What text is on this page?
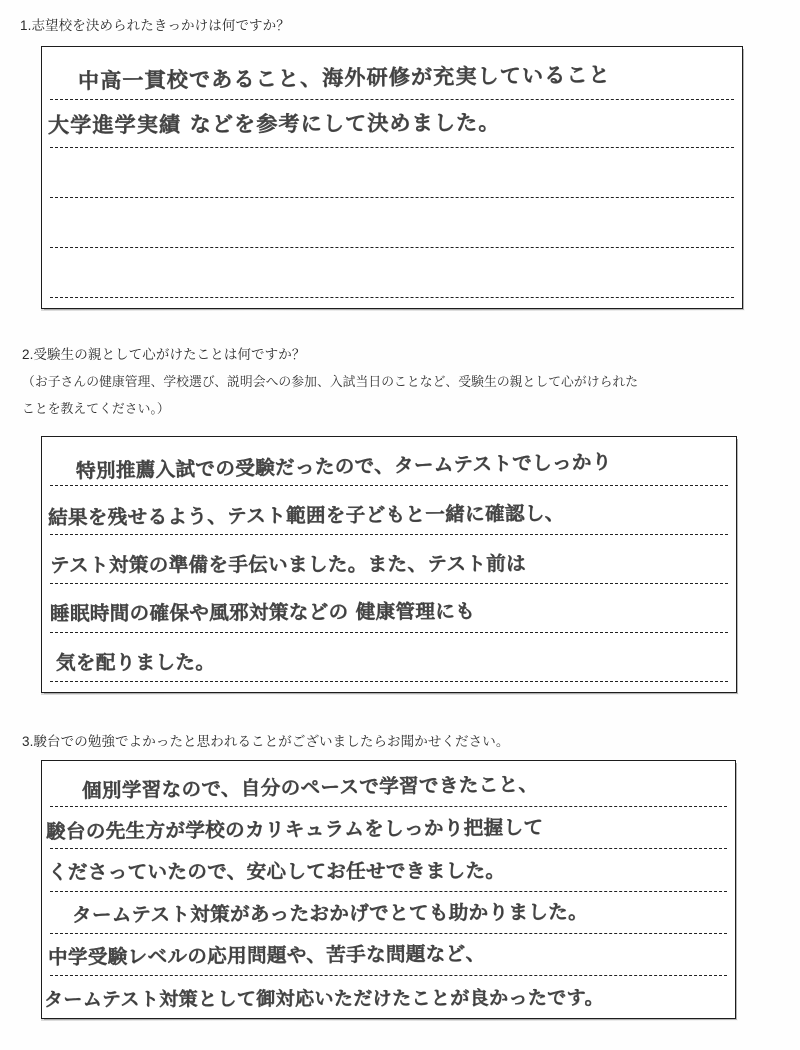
1.志望校を決められたきっかけは何ですか？
中高一貫校であること、海外研修が充実していること
大学進学実績 などを参考にして決めました。
2.受験生の親として心がけたことは何ですか？
（お子さんの健康管理、学校選び、説明会への参加、入試当日のことなど、受験生の親として心がけられた
ことを教えてください。）
特別推薦入試での受験だったので、タームテストでしっかり
結果を残せるよう、テスト範囲を子どもと一緒に確認し、
テスト対策の準備を手伝いました。また、テスト前は
睡眠時間の確保や風邪対策などの 健康管理にも
気を配りました。
3.駿台での勉強でよかったと思われることがございましたらお聞かせください。
個別学習なので、自分のペースで学習できたこと、
駿台の先生方が学校のカリキュラムをしっかり把握して
くださっていたので、安心してお任せできました。
タームテスト対策があったおかげでとても助かりました。
中学受験レベルの応用問題や、苦手な問題など、
タームテスト対策として御対応いただけたことが良かったです。
